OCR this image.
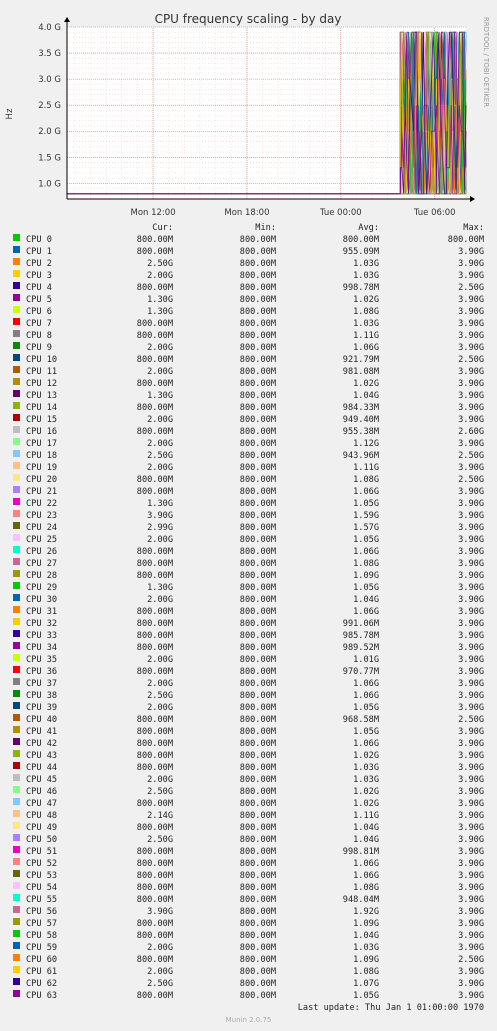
1.0 G
1.5 G
2.0 G
2.5 G
3.0 G
3.5 G
4.0 G
Mon 12:00	Mon 18:00	Tue 00:00	Tue 06:00
CPU frequency scaling - by day
Hz
RRDTOOL / TOBI OETIKER
Cur:	Min:	Avg:	Max:
CPU 0	800.00M	800.00M	800.00M	800.00M
CPU 1	800.00M	800.00M	955.09M	3.90G
CPU 2	2.50G	800.00M	1.03G	3.90G
CPU 3	2.00G	800.00M	1.03G	3.90G
CPU 4	800.00M	800.00M	998.78M	2.50G
CPU 5	1.30G	800.00M	1.02G	3.90G
CPU 6	1.30G	800.00M	1.08G	3.90G
CPU 7	800.00M	800.00M	1.03G	3.90G
CPU 8	800.00M	800.00M	1.11G	3.90G
CPU 9	2.00G	800.00M	1.06G	3.90G
CPU 10	800.00M	800.00M	921.79M	2.50G
CPU 11	2.00G	800.00M	981.08M	3.90G
CPU 12	800.00M	800.00M	1.02G	3.90G
CPU 13	1.30G	800.00M	1.04G	3.90G
CPU 14	800.00M	800.00M	984.33M	3.90G
CPU 15	2.00G	800.00M	949.40M	3.90G
CPU 16	800.00M	800.00M	955.38M	2.60G
CPU 17	2.00G	800.00M	1.12G	3.90G
CPU 18	2.50G	800.00M	943.96M	2.50G
CPU 19	2.00G	800.00M	1.11G	3.90G
CPU 20	800.00M	800.00M	1.08G	2.50G
CPU 21	800.00M	800.00M	1.06G	3.90G
CPU 22	1.30G	800.00M	1.05G	3.90G
CPU 23	3.90G	800.00M	1.59G	3.90G
CPU 24	2.99G	800.00M	1.57G	3.90G
CPU 25	2.00G	800.00M	1.05G	3.90G
CPU 26	800.00M	800.00M	1.06G	3.90G
CPU 27	800.00M	800.00M	1.08G	3.90G
CPU 28	800.00M	800.00M	1.09G	3.90G
CPU 29	1.30G	800.00M	1.05G	3.90G
CPU 30	2.00G	800.00M	1.04G	3.90G
CPU 31	800.00M	800.00M	1.06G	3.90G
CPU 32	800.00M	800.00M	991.06M	3.90G
CPU 33	800.00M	800.00M	985.78M	3.90G
CPU 34	800.00M	800.00M	989.52M	3.90G
CPU 35	2.00G	800.00M	1.01G	3.90G
CPU 36	800.00M	800.00M	970.77M	3.90G
CPU 37	2.00G	800.00M	1.06G	3.90G
CPU 38	2.50G	800.00M	1.06G	3.90G
CPU 39	2.00G	800.00M	1.05G	3.90G
CPU 40	800.00M	800.00M	968.58M	2.50G
CPU 41	800.00M	800.00M	1.05G	3.90G
CPU 42	800.00M	800.00M	1.06G	3.90G
CPU 43	800.00M	800.00M	1.02G	3.90G
CPU 44	800.00M	800.00M	1.03G	3.90G
CPU 45	2.00G	800.00M	1.03G	3.90G
CPU 46	2.50G	800.00M	1.02G	3.90G
CPU 47	800.00M	800.00M	1.02G	3.90G
CPU 48	2.14G	800.00M	1.11G	3.90G
CPU 49	800.00M	800.00M	1.04G	3.90G
CPU 50	2.50G	800.00M	1.04G	3.90G
CPU 51	800.00M	800.00M	998.81M	3.90G
CPU 52	800.00M	800.00M	1.06G	3.90G
CPU 53	800.00M	800.00M	1.06G	3.90G
CPU 54	800.00M	800.00M	1.08G	3.90G
CPU 55	800.00M	800.00M	948.04M	3.90G
CPU 56	3.90G	800.00M	1.92G	3.90G
CPU 57	800.00M	800.00M	1.09G	3.90G
CPU 58	800.00M	800.00M	1.04G	3.90G
CPU 59	2.00G	800.00M	1.03G	3.90G
CPU 60	800.00M	800.00M	1.09G	2.50G
CPU 61	2.00G	800.00M	1.08G	3.90G
CPU 62	2.50G	800.00M	1.07G	3.90G
CPU 63	800.00M	800.00M	1.05G	3.90G
Last update: Thu Jan 1 01:00:00 1970
Munin 2.0.75
